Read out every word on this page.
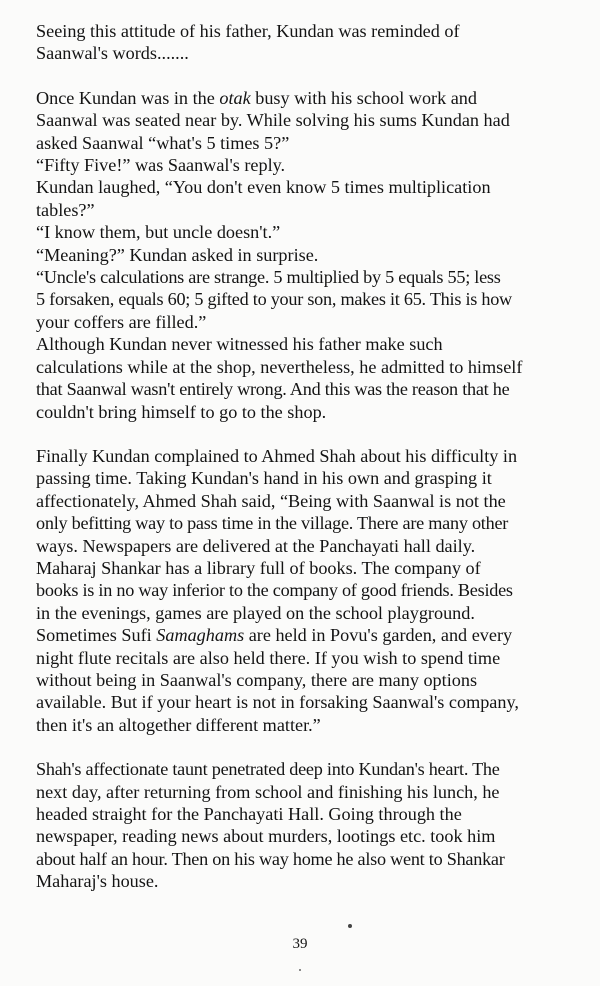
Seeing this attitude of his father, Kundan was reminded of
Saanwal's words.......

Once Kundan was in the otak busy with his school work and
Saanwal was seated near by. While solving his sums Kundan had
asked Saanwal “what's 5 times 5?”
“Fifty Five!” was Saanwal's reply.
Kundan laughed, “You don't even know 5 times multiplication
tables?”
“I know them, but uncle doesn't.”
“Meaning?” Kundan asked in surprise.
“Uncle's calculations are strange. 5 multiplied by 5 equals 55; less
5 forsaken, equals 60; 5 gifted to your son, makes it 65. This is how
your coffers are filled.”
Although Kundan never witnessed his father make such
calculations while at the shop, nevertheless, he admitted to himself
that Saanwal wasn't entirely wrong. And this was the reason that he
couldn't bring himself to go to the shop.

Finally Kundan complained to Ahmed Shah about his difficulty in
passing time. Taking Kundan's hand in his own and grasping it
affectionately, Ahmed Shah said, “Being with Saanwal is not the
only befitting way to pass time in the village. There are many other
ways. Newspapers are delivered at the Panchayati hall daily.
Maharaj Shankar has a library full of books. The company of
books is in no way inferior to the company of good friends. Besides
in the evenings, games are played on the school playground.
Sometimes Sufi Samaghams are held in Povu's garden, and every
night flute recitals are also held there. If you wish to spend time
without being in Saanwal's company, there are many options
available. But if your heart is not in forsaking Saanwal's company,
then it's an altogether different matter.”

Shah's affectionate taunt penetrated deep into Kundan's heart. The
next day, after returning from school and finishing his lunch, he
headed straight for the Panchayati Hall. Going through the
newspaper, reading news about murders, lootings etc. took him
about half an hour. Then on his way home he also went to Shankar
Maharaj's house.

39
